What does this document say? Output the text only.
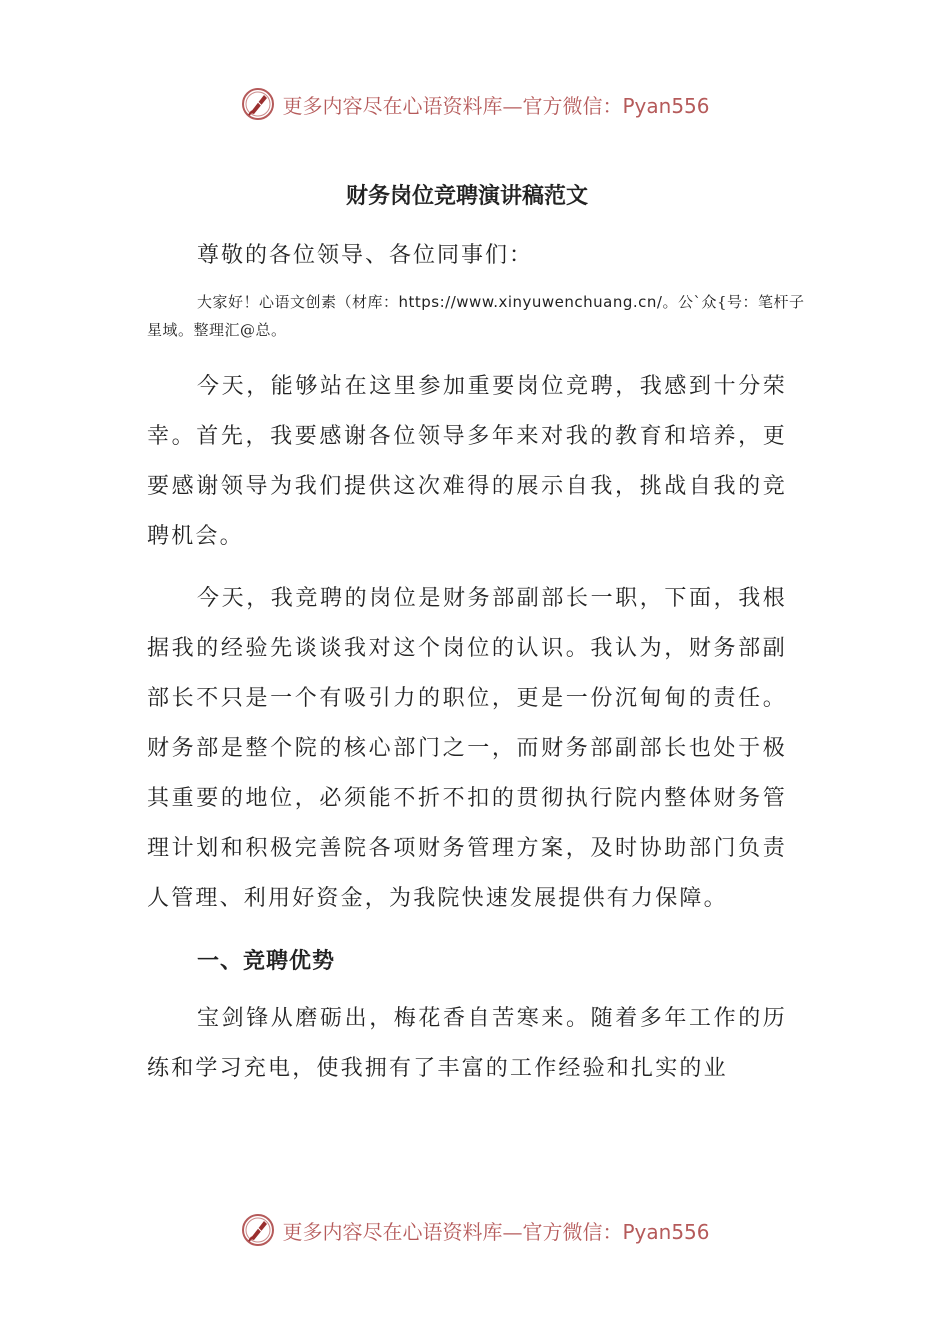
更多内容尽在心语资料库—官方微信：Pyan556
财务岗位竞聘演讲稿范文
尊敬的各位领导、各位同事们：
大家好！心语文创素（材库：https://www.xinyuwenchuang.cn/。公`众{号：笔杆子星域。整理汇@总。

今天，能够站在这里参加重要岗位竞聘，我感到十分荣幸。首先，我要感谢各位领导多年来对我的教育和培养，更要感谢领导为我们提供这次难得的展示自我，挑战自我的竞聘机会。

今天，我竞聘的岗位是财务部副部长一职，下面，我根据我的经验先谈谈我对这个岗位的认识。我认为，财务部副部长不只是一个有吸引力的职位，更是一份沉甸甸的责任。财务部是整个院的核心部门之一，而财务部副部长也处于极其重要的地位，必须能不折不扣的贯彻执行院内整体财务管理计划和积极完善院各项财务管理方案，及时协助部门负责人管理、利用好资金，为我院快速发展提供有力保障。

一、竞聘优势

宝剑锋从磨砺出，梅花香自苦寒来。随着多年工作的历练和学习充电，使我拥有了丰富的工作经验和扎实的业

更多内容尽在心语资料库—官方微信：Pyan556
